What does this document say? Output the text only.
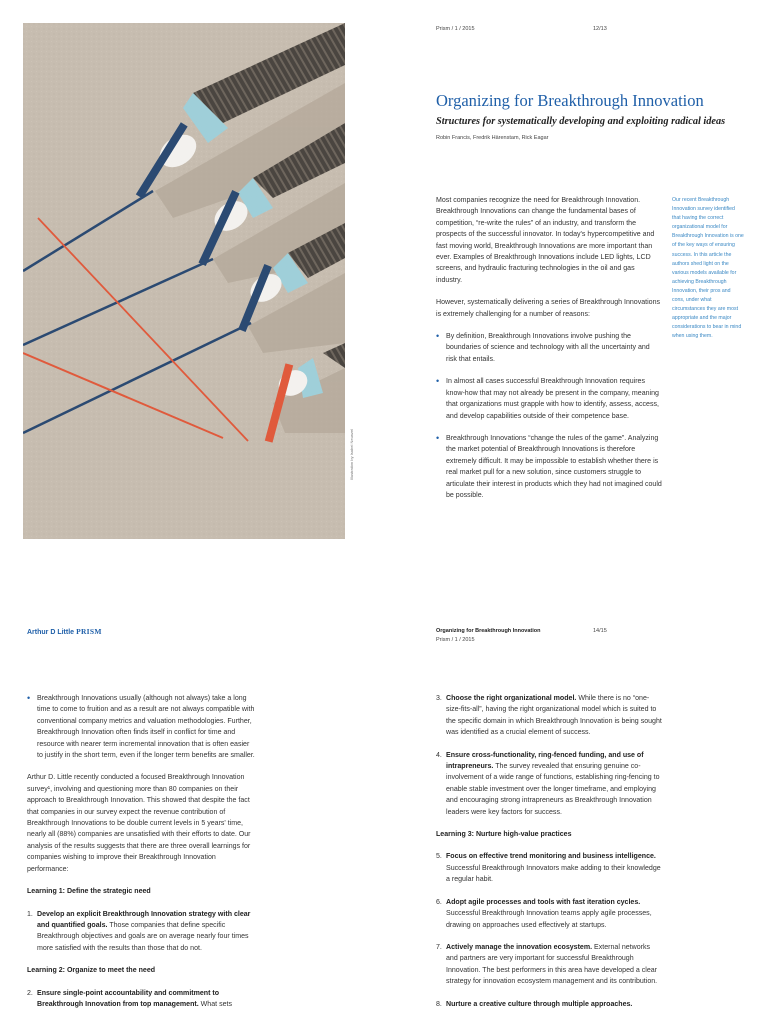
Prism / 1 / 2015	12/13
Illustration by Isabel Neunzel
Organizing for Breakthrough Innovation
Structures for systematically developing and exploiting radical ideas
Robin Francis, Fredrik Härenstam, Rick Eagar

Most companies recognize the need for Breakthrough Innovation. Breakthrough Innovations can change the fundamental bases of competition, “re-write the rules” of an industry, and transform the prospects of the successful innovator. In today's hypercompetitive and fast moving world, Breakthrough Innovations are more important than ever. Examples of Breakthrough Innovations include LED lights, LCD screens, and hydraulic fracturing technologies in the oil and gas industry.

However, systematically delivering a series of Breakthrough Innovations is extremely challenging for a number of reasons:

• By definition, Breakthrough Innovations involve pushing the boundaries of science and technology with all the uncertainty and risk that entails.
• In almost all cases successful Breakthrough Innovation requires know-how that may not already be present in the company, meaning that organizations must grapple with how to identify, assess, access, and develop capabilities outside of their competence base.
• Breakthrough Innovations “change the rules of the game”. Analyzing the market potential of Breakthrough Innovations is therefore extremely difficult. It may be impossible to establish whether there is real market pull for a new solution, since customers struggle to articulate their interest in products which they had not imagined could be possible.
Our recent Breakthrough Innovation survey identified that having the correct organizational model for Breakthrough Innovation is one of the key ways of ensuring success. In this article the authors shed light on the various models available for achieving Breakthrough Innovation, their pros and cons, under what circumstances they are most appropriate and the major considerations to bear in mind when using them.
Arthur D Little PRISM	Organizing for Breakthrough Innovation	14/15
Prism / 1 / 2015
• Breakthrough Innovations usually (although not always) take a long time to come to fruition and as a result are not always compatible with conventional company metrics and valuation methodologies. Further, Breakthrough Innovation often finds itself in conflict for time and resource with nearer term incremental innovation that is often easier to justify in the short term, even if the longer term benefits are smaller.

Arthur D. Little recently conducted a focused Breakthrough Innovation survey¹, involving and questioning more than 80 companies on their approach to Breakthrough Innovation. This showed that despite the fact that companies in our survey expect the revenue contribution of Breakthrough Innovations to be double current levels in 5 years' time, nearly all (88%) companies are unsatisfied with their efforts to date. Our analysis of the results suggests that there are three overall learnings for companies wishing to improve their Breakthrough Innovation performance:

Learning 1: Define the strategic need
1. Develop an explicit Breakthrough Innovation strategy with clear and quantified goals. Those companies that define specific Breakthrough objectives and goals are on average nearly four times more satisfied with the results than those that do not.
Learning 2: Organize to meet the need
2. Ensure single-point accountability and commitment to Breakthrough Innovation from top management. What sets
3. Choose the right organizational model. While there is no “one-size-fits-all”, having the right organizational model which is suited to the specific domain in which Breakthrough Innovation is being sought was identified as a crucial element of success.
4. Ensure cross-functionality, ring-fenced funding, and use of intrapreneurs. The survey revealed that ensuring genuine co-involvement of a wide range of functions, establishing ring-fencing to enable stable investment over the longer timeframe, and employing and encouraging strong intrapreneurs as Breakthrough Innovation leaders were key factors for success.
Learning 3: Nurture high-value practices
5. Focus on effective trend monitoring and business intelligence. Successful Breakthrough Innovators make adding to their knowledge a regular habit.
6. Adopt agile processes and tools with fast iteration cycles. Successful Breakthrough Innovation teams apply agile processes, drawing on approaches used effectively at startups.
7. Actively manage the innovation ecosystem. External networks and partners are very important for successful Breakthrough Innovation. The best performers in this area have developed a clear strategy for innovation ecosystem management and its contribution.
8. Nurture a creative culture through multiple approaches.
